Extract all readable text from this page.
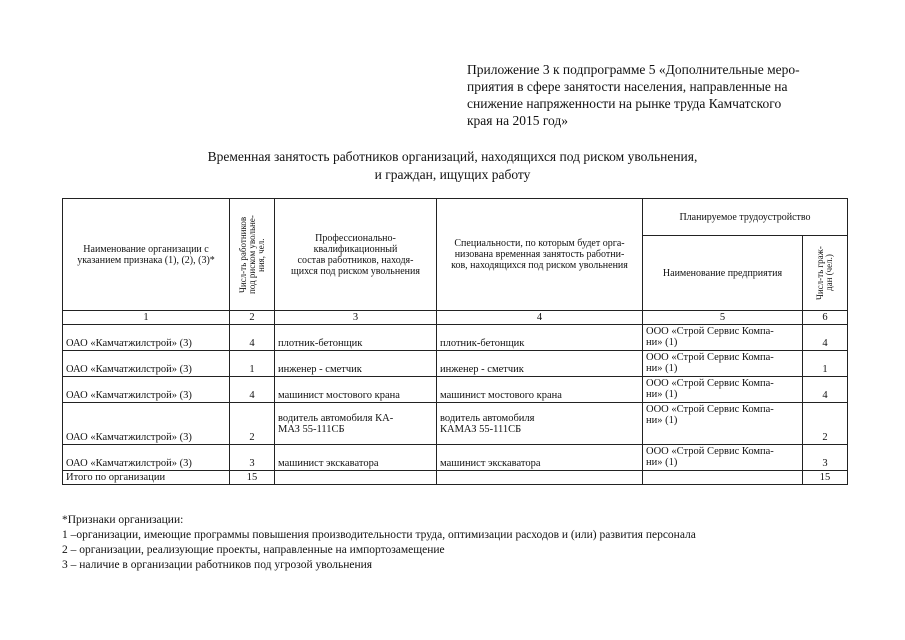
Приложение 3 к подпрограмме 5 «Дополнительные меро-
приятия в сфере занятости населения, направленные на
снижение напряженности на рынке труда Камчатского
края на 2015 год»
Временная занятость работников организаций, находящихся под риском увольнения,
и граждан, ищущих работу
Наименование организации с
указанием признака (1), (2), (3)*	Числ-ть работников
под риском увольне-
ния, чел.	Профессионально-
квалификационный
состав работников, находя-
щихся под риском увольнения	Специальности, по которым будет орга-
низована временная занятость работни-
ков, находящихся под риском увольнения	Планируемое трудоустройство	
				Наименование предприятия	Числ-ть граж-
дан (чел.)

1	2	3	4	5	6
ОАО «Камчатжилстрой» (3)	4	плотник-бетонщик	плотник-бетонщик	ООО «Строй Сервис Компа-
ни» (1)	4
ОАО «Камчатжилстрой» (3)	1	инженер - сметчик	инженер - сметчик	ООО «Строй Сервис Компа-
ни» (1)	1
ОАО «Камчатжилстрой» (3)	4	машинист мостового крана	машинист мостового крана	ООО «Строй Сервис Компа-
ни» (1)	4
ОАО «Камчатжилстрой» (3)	2	водитель автомобиля КА-
МАЗ 55-111СБ	водитель автомобиля
КАМАЗ 55-111СБ	ООО «Строй Сервис Компа-
ни» (1)	2
ОАО «Камчатжилстрой» (3)	3	машинист экскаватора	машинист экскаватора	ООО «Строй Сервис Компа-
ни» (1)	3
Итого по организации	15				15
*Признаки организации:
1 –организации, имеющие программы повышения производительности труда, оптимизации расходов и (или) развития персонала
2 – организации, реализующие проекты, направленные на импортозамещение
3 – наличие в организации работников под угрозой увольнения
